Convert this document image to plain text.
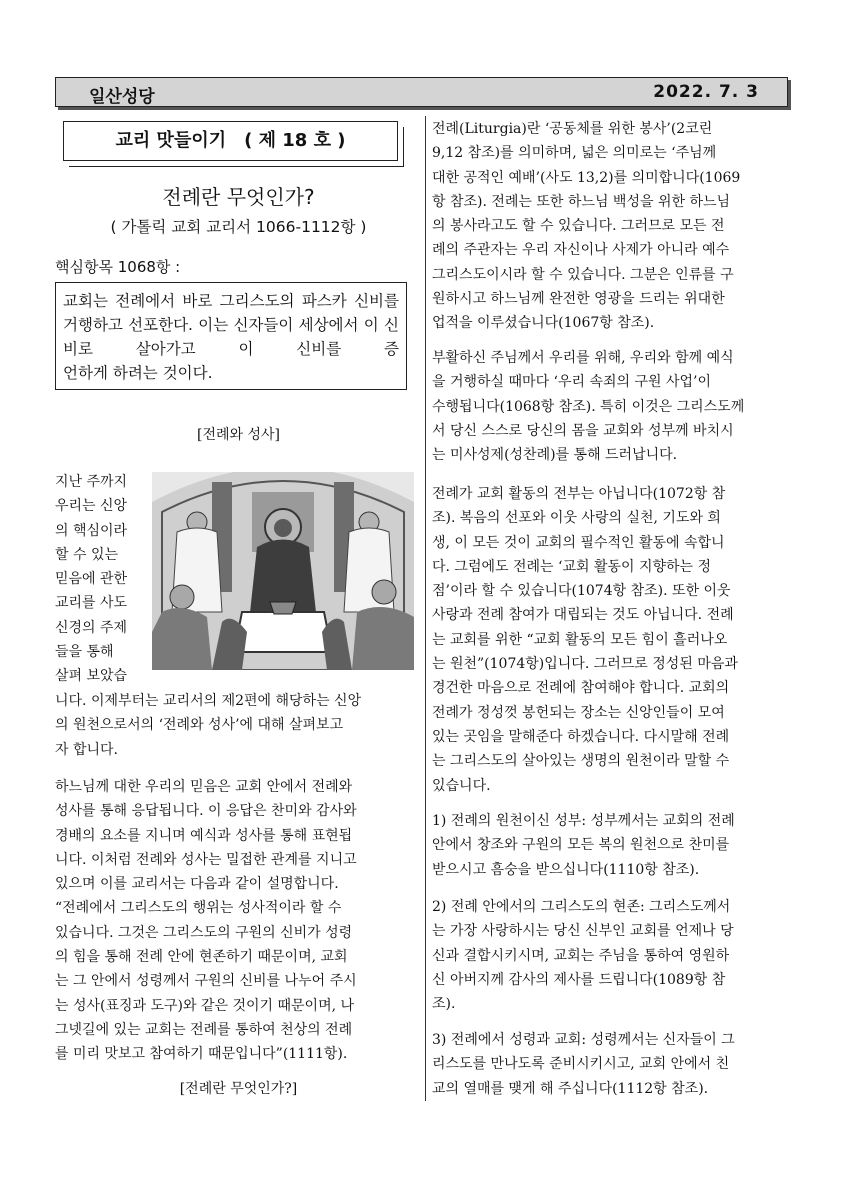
일산성당	2022. 7. 3
교리 맛들이기　( 제 18 호 )
전례란 무엇인가?
( 가톨릭 교회 교리서 1066-1112항 )
핵심항목 1068항 :
교회는 전례에서 바로 그리스도의 파스카 신비를 거행하고 선포한다. 이는 신자들이 세상에서 이 신비로 살아가고 이 신비를 증
언하게 하려는 것이다.
[전례와 성사]
지난 주까지
우리는 신앙
의 핵심이라
할 수 있는
믿음에 관한
교리를 사도
신경의 주제
들을 통해
살펴 보았습
니다. 이제부터는 교리서의 제2편에 해당하는 신앙
의 원천으로서의 ‘전례와 성사’에 대해 살펴보고
자 합니다.
하느님께 대한 우리의 믿음은 교회 안에서 전례와
성사를 통해 응답됩니다. 이 응답은 찬미와 감사와
경배의 요소를 지니며 예식과 성사를 통해 표현됩
니다. 이처럼 전례와 성사는 밀접한 관계를 지니고
있으며 이를 교리서는 다음과 같이 설명합니다.
“전례에서 그리스도의 행위는 성사적이라 할 수
있습니다. 그것은 그리스도의 구원의 신비가 성령
의 힘을 통해 전례 안에 현존하기 때문이며, 교회
는 그 안에서 성령께서 구원의 신비를 나누어 주시
는 성사(표징과 도구)와 같은 것이기 때문이며, 나
그넷길에 있는 교회는 전례를 통하여 천상의 전례
를 미리 맛보고 참여하기 때문입니다”(1111항).
[전례란 무엇인가?]
전례(Liturgia)란 ‘공동체를 위한 봉사’(2코린
9,12 참조)를 의미하며, 넓은 의미로는 ‘주님께
대한 공적인 예배’(사도 13,2)를 의미합니다(1069
항 참조). 전례는 또한 하느님 백성을 위한 하느님
의 봉사라고도 할 수 있습니다. 그러므로 모든 전
례의 주관자는 우리 자신이나 사제가 아니라 예수
그리스도이시라 할 수 있습니다. 그분은 인류를 구
원하시고 하느님께 완전한 영광을 드리는 위대한
업적을 이루셨습니다(1067항 참조).
부활하신 주님께서 우리를 위해, 우리와 함께 예식
을 거행하실 때마다 ‘우리 속죄의 구원 사업’이
수행됩니다(1068항 참조). 특히 이것은 그리스도께
서 당신 스스로 당신의 몸을 교회와 성부께 바치시
는 미사성제(성찬례)를 통해 드러납니다.
전례가 교회 활동의 전부는 아닙니다(1072항 참
조). 복음의 선포와 이웃 사랑의 실천, 기도와 희
생, 이 모든 것이 교회의 필수적인 활동에 속합니
다. 그럼에도 전례는 ‘교회 활동이 지향하는 정
점’이라 할 수 있습니다(1074항 참조). 또한 이웃
사랑과 전례 참여가 대립되는 것도 아닙니다. 전례
는 교회를 위한 “교회 활동의 모든 힘이 흘러나오
는 원천”(1074항)입니다. 그러므로 정성된 마음과
경건한 마음으로 전례에 참여해야 합니다. 교회의
전례가 정성껏 봉헌되는 장소는 신앙인들이 모여
있는 곳임을 말해준다 하겠습니다. 다시말해 전례
는 그리스도의 살아있는 생명의 원천이라 말할 수
있습니다.
1) 전례의 원천이신 성부: 성부께서는 교회의 전례
안에서 창조와 구원의 모든 복의 원천으로 찬미를
받으시고 흠숭을 받으십니다(1110항 참조).
2) 전례 안에서의 그리스도의 현존: 그리스도께서
는 가장 사랑하시는 당신 신부인 교회를 언제나 당
신과 결합시키시며, 교회는 주님을 통하여 영원하
신 아버지께 감사의 제사를 드립니다(1089항 참
조).
3) 전례에서 성령과 교회: 성령께서는 신자들이 그
리스도를 만나도록 준비시키시고, 교회 안에서 친
교의 열매를 맺게 해 주십니다(1112항 참조).
